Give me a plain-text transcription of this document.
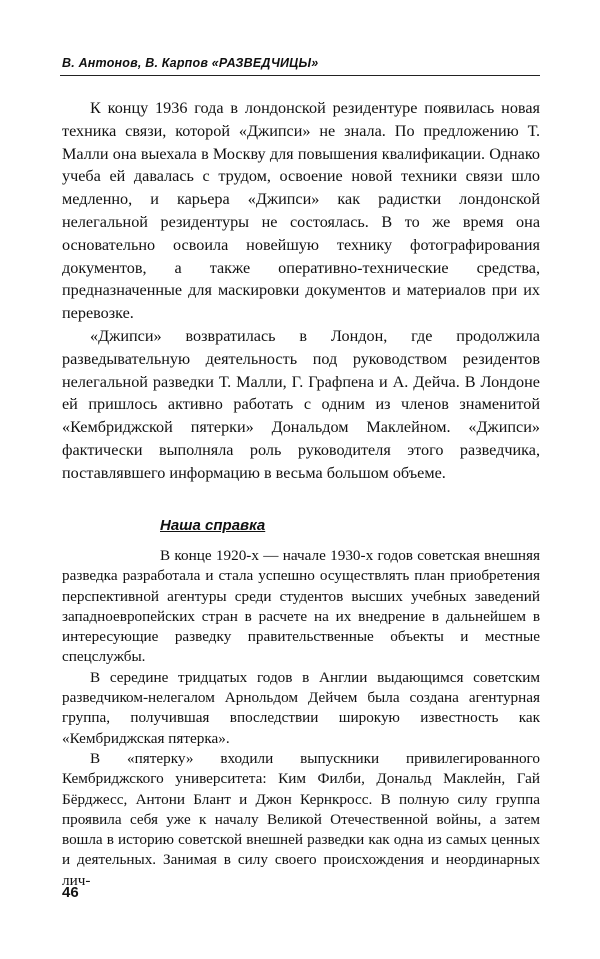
В. Антонов, В. Карпов «РАЗВЕДЧИЦЫ»

К концу 1936 года в лондонской резидентуре появилась новая техника связи, которой «Джипси» не знала. По предложению Т. Малли она выехала в Москву для повышения квалификации. Однако учеба ей давалась с трудом, освоение новой техники связи шло медленно, и карьера «Джипси» как радистки лондонской нелегальной резидентуры не состоялась. В то же время она основательно освоила новейшую технику фотографирования документов, а также оперативно-технические средства, предназначенные для маскировки документов и материалов при их перевозке.

«Джипси» возвратилась в Лондон, где продолжила разведывательную деятельность под руководством резидентов нелегальной разведки Т. Малли, Г. Графпена и А. Дейча. В Лондоне ей пришлось активно работать с одним из членов знаменитой «Кембриджской пятерки» Дональдом Маклейном. «Джипси» фактически выполняла роль руководителя этого разведчика, поставлявшего информацию в весьма большом объеме.

Наша справка

В конце 1920-х — начале 1930-х годов советская внешняя разведка разработала и стала успешно осуществлять план приобретения перспективной агентуры среди студентов высших учебных заведений западноевропейских стран в расчете на их внедрение в дальнейшем в интересующие разведку правительственные объекты и местные спецслужбы.

В середине тридцатых годов в Англии выдающимся советским разведчиком-нелегалом Арнольдом Дейчем была создана агентурная группа, получившая впоследствии широкую известность как «Кембриджская пятерка».

В «пятерку» входили выпускники привилегированного Кембриджского университета: Ким Филби, Дональд Маклейн, Гай Бёрджесс, Антони Блант и Джон Кернкросс. В полную силу группа проявила себя уже к началу Великой Отечественной войны, а затем вошла в историю советской внешней разведки как одна из самых ценных и деятельных. Занимая в силу своего происхождения и неординарных лич-

46
